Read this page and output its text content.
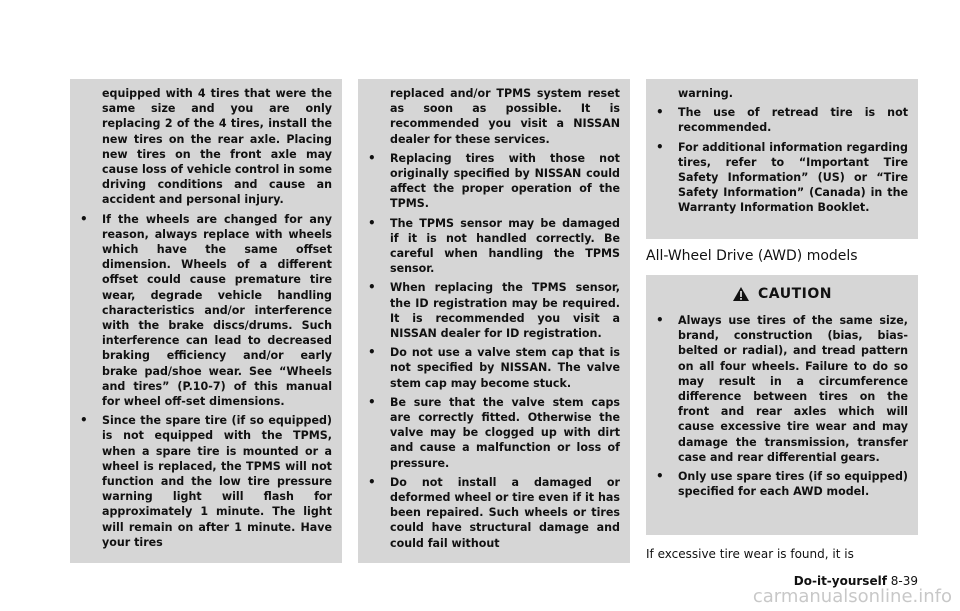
equipped with 4 tires that were the same size and you are only replacing 2 of the 4 tires, install the new tires on the rear axle. Placing new tires on the front axle may cause loss of vehicle control in some driving conditions and cause an accident and personal injury.
• If the wheels are changed for any reason, always replace with wheels which have the same offset dimension. Wheels of a different offset could cause premature tire wear, degrade vehicle handling characteristics and/or interference with the brake discs/drums. Such interference can lead to decreased braking efficiency and/or early brake pad/shoe wear. See “Wheels and tires” (P.10-7) of this manual for wheel off-set dimensions.
• Since the spare tire (if so equipped) is not equipped with the TPMS, when a spare tire is mounted or a wheel is replaced, the TPMS will not function and the low tire pressure warning light will flash for approximately 1 minute. The light will remain on after 1 minute. Have your tires
replaced and/or TPMS system reset as soon as possible. It is recommended you visit a NISSAN dealer for these services.
• Replacing tires with those not originally specified by NISSAN could affect the proper operation of the TPMS.
• The TPMS sensor may be damaged if it is not handled correctly. Be careful when handling the TPMS sensor.
• When replacing the TPMS sensor, the ID registration may be required. It is recommended you visit a NISSAN dealer for ID registration.
• Do not use a valve stem cap that is not specified by NISSAN. The valve stem cap may become stuck.
• Be sure that the valve stem caps are correctly fitted. Otherwise the valve may be clogged up with dirt and cause a malfunction or loss of pressure.
• Do not install a damaged or deformed wheel or tire even if it has been repaired. Such wheels or tires could have structural damage and could fail without
warning.
• The use of retread tire is not recommended.
• For additional information regarding tires, refer to “Important Tire Safety Information” (US) or “Tire Safety Information” (Canada) in the Warranty Information Booklet.
All-Wheel Drive (AWD) models
CAUTION
• Always use tires of the same size, brand, construction (bias, bias-belted or radial), and tread pattern on all four wheels. Failure to do so may result in a circumference difference between tires on the front and rear axles which will cause excessive tire wear and may damage the transmission, transfer case and rear differential gears.
• Only use spare tires (if so equipped) specified for each AWD model.
If excessive tire wear is found, it is
Do-it-yourself 8-39
carmanualsonline.info
